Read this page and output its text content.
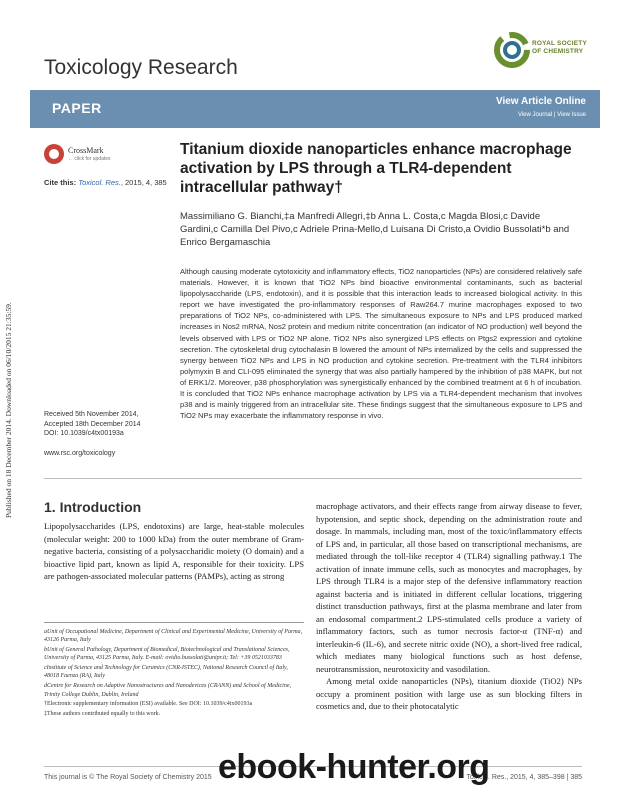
Published on 18 December 2014. Downloaded on 06/10/2015 21:35:59.
Toxicology Research
ROYAL SOCIETY
OF CHEMISTRY
PAPER	View Article Online
View Journal | View Issue
CrossMark
← click for updates
Cite this: Toxicol. Res., 2015, 4, 385
Titanium dioxide nanoparticles enhance macrophage activation by LPS through a TLR4-dependent intracellular pathway†
Massimiliano G. Bianchi,‡a Manfredi Allegri,‡b Anna L. Costa,c Magda Blosi,c Davide Gardini,c Camilla Del Pivo,c Adriele Prina-Mello,d Luisana Di Cristo,a Ovidio Bussolati*b and Enrico Bergamaschia
Although causing moderate cytotoxicity and inflammatory effects, TiO2 nanoparticles (NPs) are considered relatively safe materials. However, it is known that TiO2 NPs bind bioactive environmental contaminants, such as bacterial lipopolysaccharide (LPS, endotoxin), and it is possible that this interaction leads to increased biological activity. In this report we have investigated the pro-inflammatory responses of Raw264.7 murine macrophages exposed to two preparations of TiO2 NPs, co-administered with LPS. The simultaneous exposure to NPs and LPS produced marked increases in Nos2 mRNA, Nos2 protein and medium nitrite concentration (an indicator of NO production) well beyond the levels observed with LPS or TiO2 NP alone. TiO2 NPs also synergized LPS effects on Ptgs2 expression and cytokine secretion. The cytoskeletal drug cytochalasin B lowered the amount of NPs internalized by the cells and suppressed the synergy between TiO2 NPs and LPS in NO production and cytokine secretion. Pre-treatment with the TLR4 inhibitors polymyxin B and CLI-095 eliminated the synergy that was also partially hampered by the inhibition of p38 MAPK, but not of ERK1/2. Moreover, p38 phosphorylation was synergistically enhanced by the combined treatment at 6 h of incubation. It is concluded that TiO2 NPs enhance macrophage activation by LPS via a TLR4-dependent mechanism that involves p38 and is mainly triggered from an intracellular site. These findings suggest that the simultaneous exposure to LPS and TiO2 NPs may exacerbate the inflammatory response in vivo.
Received 5th November 2014,
Accepted 18th December 2014
DOI: 10.1039/c4tx00193a
www.rsc.org/toxicology
1. Introduction
Lipopolysaccharides (LPS, endotoxins) are large, heat-stable molecules (molecular weight: 200 to 1000 kDa) from the outer membrane of Gram-negative bacteria, consisting of a polysaccharidic moiety (O domain) and a bioactive lipid part, known as lipid A, responsible for their toxicity. LPS are pathogen-associated molecular patterns (PAMPs), acting as strong

macrophage activators, and their effects range from airway disease to fever, hypotension, and septic shock, depending on the administration route and dosage. In mammals, including man, most of the toxic/inflammatory effects of LPS and, in particular, all those based on transcriptional mechanisms, are mediated through the toll-like receptor 4 (TLR4) signalling pathway.1 The activation of innate immune cells, such as monocytes and macrophages, by LPS through TLR4 is a major step of the defensive inflammatory reaction against bacteria and is initiated in different cellular locations, triggering distinct transduction pathways, first at the plasma membrane and later from an endosomal compartment.2 LPS-stimulated cells produce a variety of inflammatory factors, such as tumor necrosis factor-α (TNF-α) and interleukin-6 (IL-6), and secrete nitric oxide (NO), a short-lived free radical, which mediates many biological functions such as host defense, neurotransmission, neurotoxicity and vasodilation.

Among metal oxide nanoparticles (NPs), titanium dioxide (TiO2) NPs occupy a prominent position with large use as sun blocking filters in cosmetics and, due to their photocatalytic

aUnit of Occupational Medicine, Department of Clinical and Experimental Medicine, University of Parma, 43126 Parma, Italy

bUnit of General Pathology, Department of Biomedical, Biotechnological and Translational Sciences, University of Parma, 43125 Parma, Italy. E-mail: ovidio.bussolati@unipr.it; Tel: +39 0521033783

cInstitute of Science and Technology for Ceramics (CNR-ISTEC), National Research Council of Italy, 48018 Faenza (RA), Italy

dCentre for Research on Adaptive Nanostructures and Nanodevices (CRANN) and School of Medicine, Trinity College Dublin, Dublin, Ireland

†Electronic supplementary information (ESI) available. See DOI: 10.1039/c4tx00193a

‡These authors contributed equally to this work.

This journal is © The Royal Society of Chemistry 2015	Toxicol. Res., 2015, 4, 385–398 | 385
ebook-hunter.org
